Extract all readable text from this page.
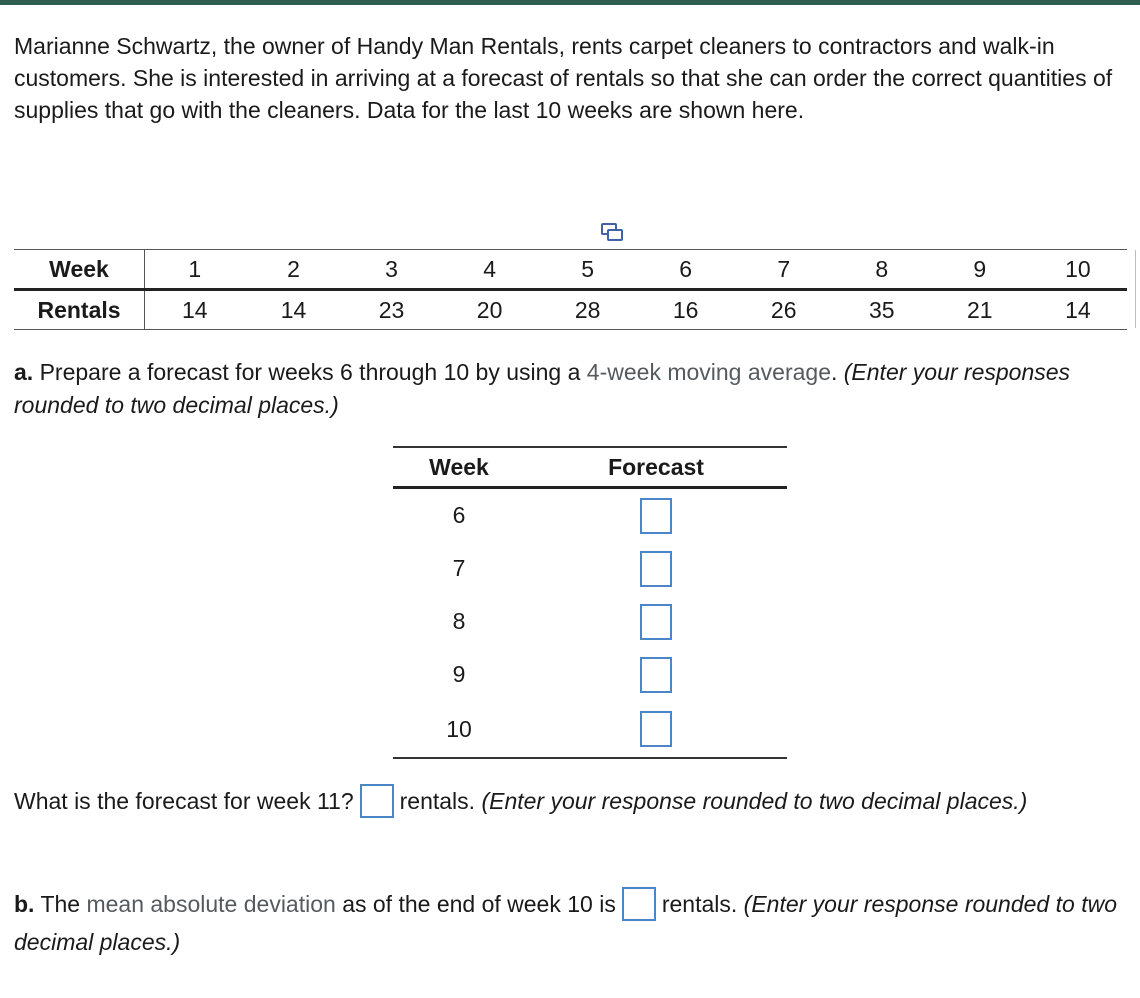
Marianne Schwartz, the owner of Handy Man Rentals, rents carpet cleaners to contractors and walk-in customers. She is interested in arriving at a forecast of rentals so that she can order the correct quantities of supplies that go with the cleaners. Data for the last 10 weeks are shown here.

Week	1	2	3	4	5	6	7	8	9	10
Rentals	14	14	23	20	28	16	26	35	21	14

a. Prepare a forecast for weeks 6 through 10 by using a 4-week moving average. (Enter your responses rounded to two decimal places.)

Week	Forecast
6	
7	
8	
9	
10	

What is the forecast for week 11? rentals. (Enter your response rounded to two decimal places.)

b. The mean absolute deviation as of the end of week 10 is rentals. (Enter your response rounded to two decimal places.)
